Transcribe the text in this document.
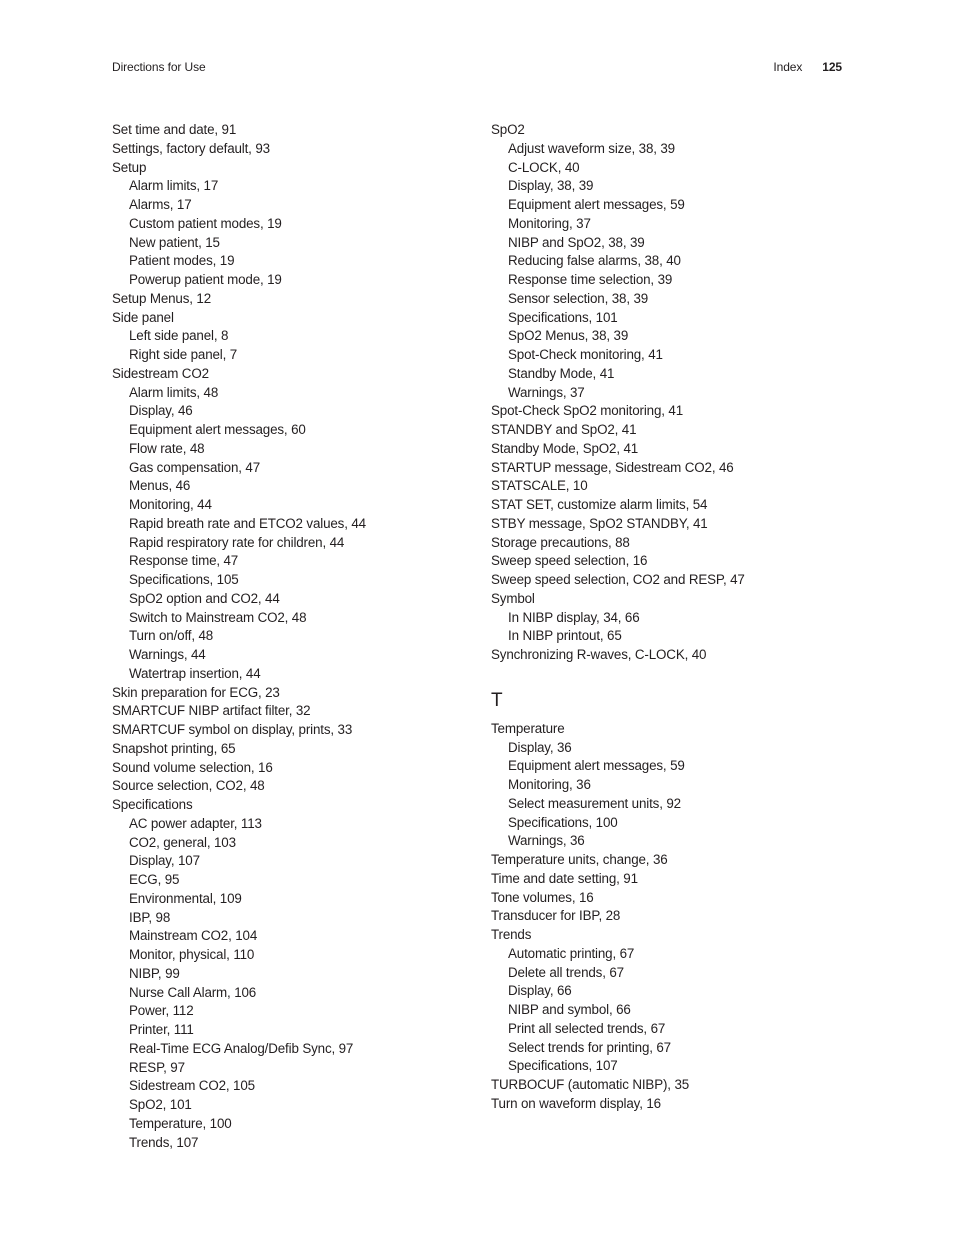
Directions for Use	Index 125
Set time and date, 91
Settings, factory default, 93
Setup
Alarm limits, 17
Alarms, 17
Custom patient modes, 19
New patient, 15
Patient modes, 19
Powerup patient mode, 19
Setup Menus, 12
Side panel
Left side panel, 8
Right side panel, 7
Sidestream CO2
Alarm limits, 48
Display, 46
Equipment alert messages, 60
Flow rate, 48
Gas compensation, 47
Menus, 46
Monitoring, 44
Rapid breath rate and ETCO2 values, 44
Rapid respiratory rate for children, 44
Response time, 47
Specifications, 105
SpO2 option and CO2, 44
Switch to Mainstream CO2, 48
Turn on/off, 48
Warnings, 44
Watertrap insertion, 44
Skin preparation for ECG, 23
SMARTCUF NIBP artifact filter, 32
SMARTCUF symbol on display, prints, 33
Snapshot printing, 65
Sound volume selection, 16
Source selection, CO2, 48
Specifications
AC power adapter, 113
CO2, general, 103
Display, 107
ECG, 95
Environmental, 109
IBP, 98
Mainstream CO2, 104
Monitor, physical, 110
NIBP, 99
Nurse Call Alarm, 106
Power, 112
Printer, 111
Real-Time ECG Analog/Defib Sync, 97
RESP, 97
Sidestream CO2, 105
SpO2, 101
Temperature, 100
Trends, 107
SpO2
Adjust waveform size, 38, 39
C-LOCK, 40
Display, 38, 39
Equipment alert messages, 59
Monitoring, 37
NIBP and SpO2, 38, 39
Reducing false alarms, 38, 40
Response time selection, 39
Sensor selection, 38, 39
Specifications, 101
SpO2 Menus, 38, 39
Spot-Check monitoring, 41
Standby Mode, 41
Warnings, 37
Spot-Check SpO2 monitoring, 41
STANDBY and SpO2, 41
Standby Mode, SpO2, 41
STARTUP message, Sidestream CO2, 46
STATSCALE, 10
STAT SET, customize alarm limits, 54
STBY message, SpO2 STANDBY, 41
Storage precautions, 88
Sweep speed selection, 16
Sweep speed selection, CO2 and RESP, 47
Symbol
In NIBP display, 34, 66
In NIBP printout, 65
Synchronizing R-waves, C-LOCK, 40
T
Temperature
Display, 36
Equipment alert messages, 59
Monitoring, 36
Select measurement units, 92
Specifications, 100
Warnings, 36
Temperature units, change, 36
Time and date setting, 91
Tone volumes, 16
Transducer for IBP, 28
Trends
Automatic printing, 67
Delete all trends, 67
Display, 66
NIBP and symbol, 66
Print all selected trends, 67
Select trends for printing, 67
Specifications, 107
TURBOCUF (automatic NIBP), 35
Turn on waveform display, 16
